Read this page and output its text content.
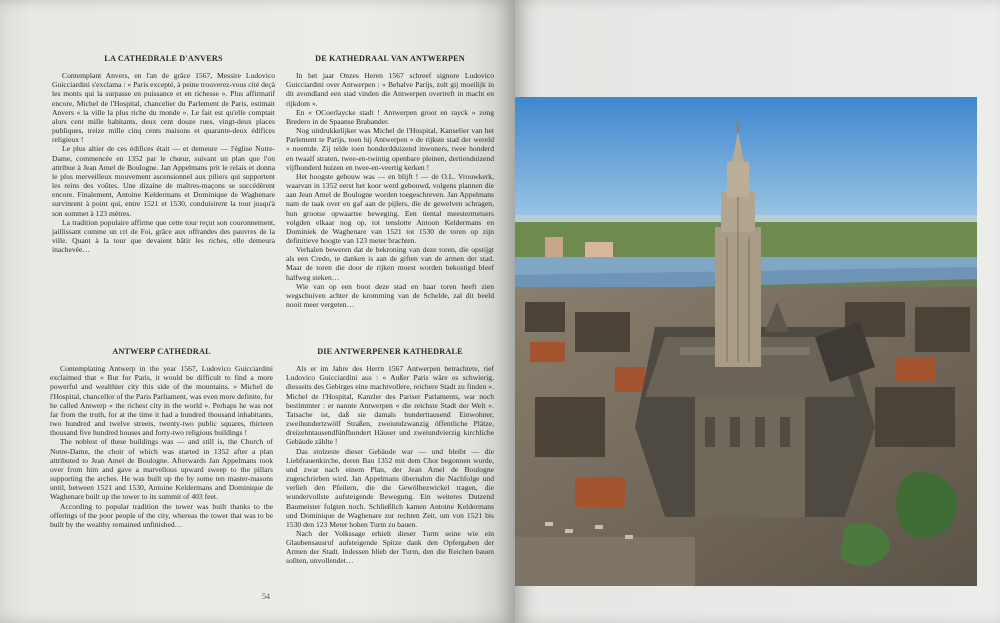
LA CATHEDRALE D'ANVERS

Contemplant Anvers, en l'an de grâce 1567, Messire Ludovico Guicciardini s'exclama : « Paris excepté, à peine trouverez-vous cité deçà les monts qui la surpasse en puissance et en richesse ». Plus affirmatif encore, Michel de l'Hospital, chancelier du Parlement de Paris, estimait Anvers « la ville la plus riche du monde ». Le fait est qu'elle comptait alors cent mille habitants, deux cent douze rues, vingt-deux places publiques, treize mille cinq cents maisons et quarante-deux édifices religieux !

Le plus altier de ces édifices était — et demeure — l'église Notre-Dame, commencée en 1352 par le chœur, suivant un plan que l'on attribue à Jean Amel de Boulogne. Jan Appelmans prit le relais et donna le plus merveilleux mouvement ascensionnel aux piliers qui supportent les reins des voûtes. Une dizaine de maîtres-maçons se succédèrent encore. Finalement, Antoine Keldermans et Dominique de Waghenare survinrent à point qui, entre 1521 et 1530, conduisirent la tour jusqu'à son sommet à 123 mètres.

La tradition populaire affirme que cette tour reçut son couronnement, jaillissant comme un cri de Foi, grâce aux offrandes des pauvres de la ville. Quant à la tour que devaient bâtir les riches, elle demeura inachevée…

DE KATHEDRAAL VAN ANTWERPEN

In het jaar Onzes Heren 1567 schreef signore Ludovico Guicciardini over Antwerpen : « Behalve Parijs, zult gij moeilijk in dit avondland een stad vinden die Antwerpen overtreft in macht en rijkdom ».

En « OCoerlaycke stadt ! Antwerpen groot en rayck » zong Bredero in de Spaanse Brabander.

Nog uitdrukkelijker was Michel de l'Hospital, Kanselier van het Parlement te Parijs, toen hij Antwerpen « de rijkste stad der wereld » noemde. Zij telde toen honderdduizend inwoners, twee honderd en twaalf straten, twee-en-twintig openbare pleinen, dertienduizend vijfhonderd huizen en twee-en-veertig kerken !

Het hoogste gebouw was — en blijft ! — de O.L. Vrouwkerk, waarvan in 1352 eerst het koor werd gebouwd, volgens plannen die aan Jean Amel de Boulogne worden toegeschreven. Jan Appelmans nam de taak over en gaf aan de pijlers, die de gewelven schragen, hun grootse opwaartse beweging. Een tiental meestermetsers volgden elkaar nog op, tot tenslotte Antoon Keldermans en Dominiek de Waghenare van 1521 tot 1530 de toren op zijn definitieve hoogte van 123 meter brachten.

Verhalen beweren dat de bekroning van deze toren, die opstijgt als een Credo, te danken is aan de giften van de armen der stad. Maar de toren die door de rijken moest worden bekostigd bleef halfweg steken…

Wie van op een boot deze stad en haar toren heeft zien wegschuiven achter de kromming van de Schelde, zal dit beeld nooit meer vergeten…

ANTWERP CATHEDRAL

Contemplating Antwerp in the year 1567, Ludovico Guicciardini exclaimed that « But for Paris, it would be difficult to find a more powerful and wealthier city this side of the mountains. » Michel de l'Hospital, chancellor of the Paris Parliament, was even more definite, for he called Antwerp « the richest city in the world ». Perhaps he was not far from the truth, for at the time it had a hundred thousand inhabitants, two hundred and twelve streets, twenty-two public squares, thirteen thousand five hundred houses and forty-two religious buildings !

The noblest of these buildings was — and still is, the Church of Notre-Dame, the choir of which was started in 1352 after a plan attributed to Jean Amel de Boulogne. Afterwards Jan Appelmans took over from him and gave a marvellous upward sweep to the pillars supporting the arches. He was built up the by some ten master-masons until, between 1521 and 1530, Antoine Keldermans and Dominique de Waghenare built up the tower to its summit of 403 feet.

According to popular tradition the tower was built thanks to the offerings of the poor people of the city, whereas the tower that was to be built by the wealthy remained unfinished…

DIE ANTWERPENER KATHEDRALE

Als er im Jahre des Herrn 1567 Antwerpen betrachtete, rief Ludovico Guicciardini aus : « Außer Paris wäre es schwierig, diesseits des Gebirges eine machtvollere, reichere Stadt zu finden ». Michel de l'Hospital, Kanzler des Pariser Parlaments, war noch bestimmter : er nannte Antwerpen « die reichste Stadt der Welt ». Tatsache ist, daß sie damals hunderttausend Einwohner, zweihundertzwölf Straßen, zweiundzwanzig öffentliche Plätze, dreizehntausendfünfhundert Häuser und zweiundvierzig kirchliche Gebäude zählte !

Das stolzeste dieser Gebäude war — und bleibt — die Liebfrauenkirche, deren Bau 1352 mit dem Chor begonnen wurde, und zwar nach einem Plan, der Jean Amel de Boulogne zugeschrieben wird. Jan Appelmans übernahm die Nachfolge und verlieh den Pfeilern, die die Gewölbezwickel tragen, die wundervollste aufsteigende Bewegung. Ein weiteres Dutzend Baumeister folgten noch. Schließlich kamen Antoine Keldermans und Dominique de Waghenare zur rechten Zeit, um von 1521 bis 1530 den 123 Meter hohen Turm zu bauen.

Nach der Volkssage erhielt dieser Turm seine wie ein Glaubensausruf aufsteigende Spitze dank den Opfergaben der Armen der Stadt. Indessen blieb der Turm, den die Reichen bauen sollten, unvollendet…

54
